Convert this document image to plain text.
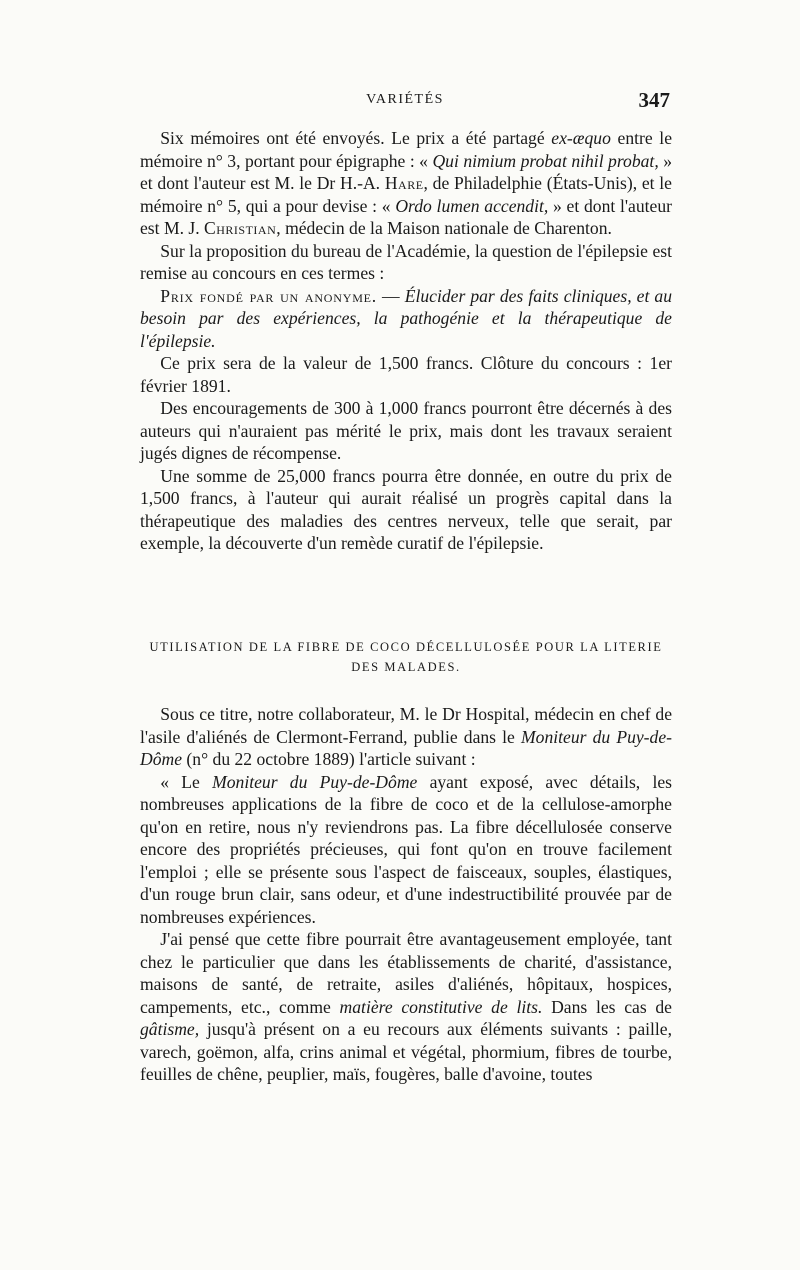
VARIÉTÉS	347

Six mémoires ont été envoyés. Le prix a été partagé ex-æquo entre le mémoire n° 3, portant pour épigraphe : « Qui nimium probat nihil probat, » et dont l'auteur est M. le Dr H.-A. Hare, de Philadelphie (États-Unis), et le mémoire n° 5, qui a pour devise : « Ordo lumen accendit, » et dont l'auteur est M. J. Christian, médecin de la Maison nationale de Charenton.

Sur la proposition du bureau de l'Académie, la question de l'épilepsie est remise au concours en ces termes :

Prix fondé par un anonyme. — Élucider par des faits cliniques, et au besoin par des expériences, la pathogénie et la thérapeutique de l'épilepsie.

Ce prix sera de la valeur de 1,500 francs. Clôture du concours : 1er février 1891.

Des encouragements de 300 à 1,000 francs pourront être décernés à des auteurs qui n'auraient pas mérité le prix, mais dont les travaux seraient jugés dignes de récompense.

Une somme de 25,000 francs pourra être donnée, en outre du prix de 1,500 francs, à l'auteur qui aurait réalisé un progrès capital dans la thérapeutique des maladies des centres nerveux, telle que serait, par exemple, la découverte d'un remède curatif de l'épilepsie.

UTILISATION DE LA FIBRE DE COCO DÉCELLULOSÉE POUR LA LITERIE DES MALADES.

Sous ce titre, notre collaborateur, M. le Dr Hospital, médecin en chef de l'asile d'aliénés de Clermont-Ferrand, publie dans le Moniteur du Puy-de-Dôme (n° du 22 octobre 1889) l'article suivant :

« Le Moniteur du Puy-de-Dôme ayant exposé, avec détails, les nombreuses applications de la fibre de coco et de la cellulose-amorphe qu'on en retire, nous n'y reviendrons pas. La fibre décellulosée conserve encore des propriétés précieuses, qui font qu'on en trouve facilement l'emploi ; elle se présente sous l'aspect de faisceaux, souples, élastiques, d'un rouge brun clair, sans odeur, et d'une indestructibilité prouvée par de nombreuses expériences.

J'ai pensé que cette fibre pourrait être avantageusement employée, tant chez le particulier que dans les établissements de charité, d'assistance, maisons de santé, de retraite, asiles d'aliénés, hôpitaux, hospices, campements, etc., comme matière constitutive de lits. Dans les cas de gâtisme, jusqu'à présent on a eu recours aux éléments suivants : paille, varech, goëmon, alfa, crins animal et végétal, phormium, fibres de tourbe, feuilles de chêne, peuplier, maïs, fougères, balle d'avoine, toutes
